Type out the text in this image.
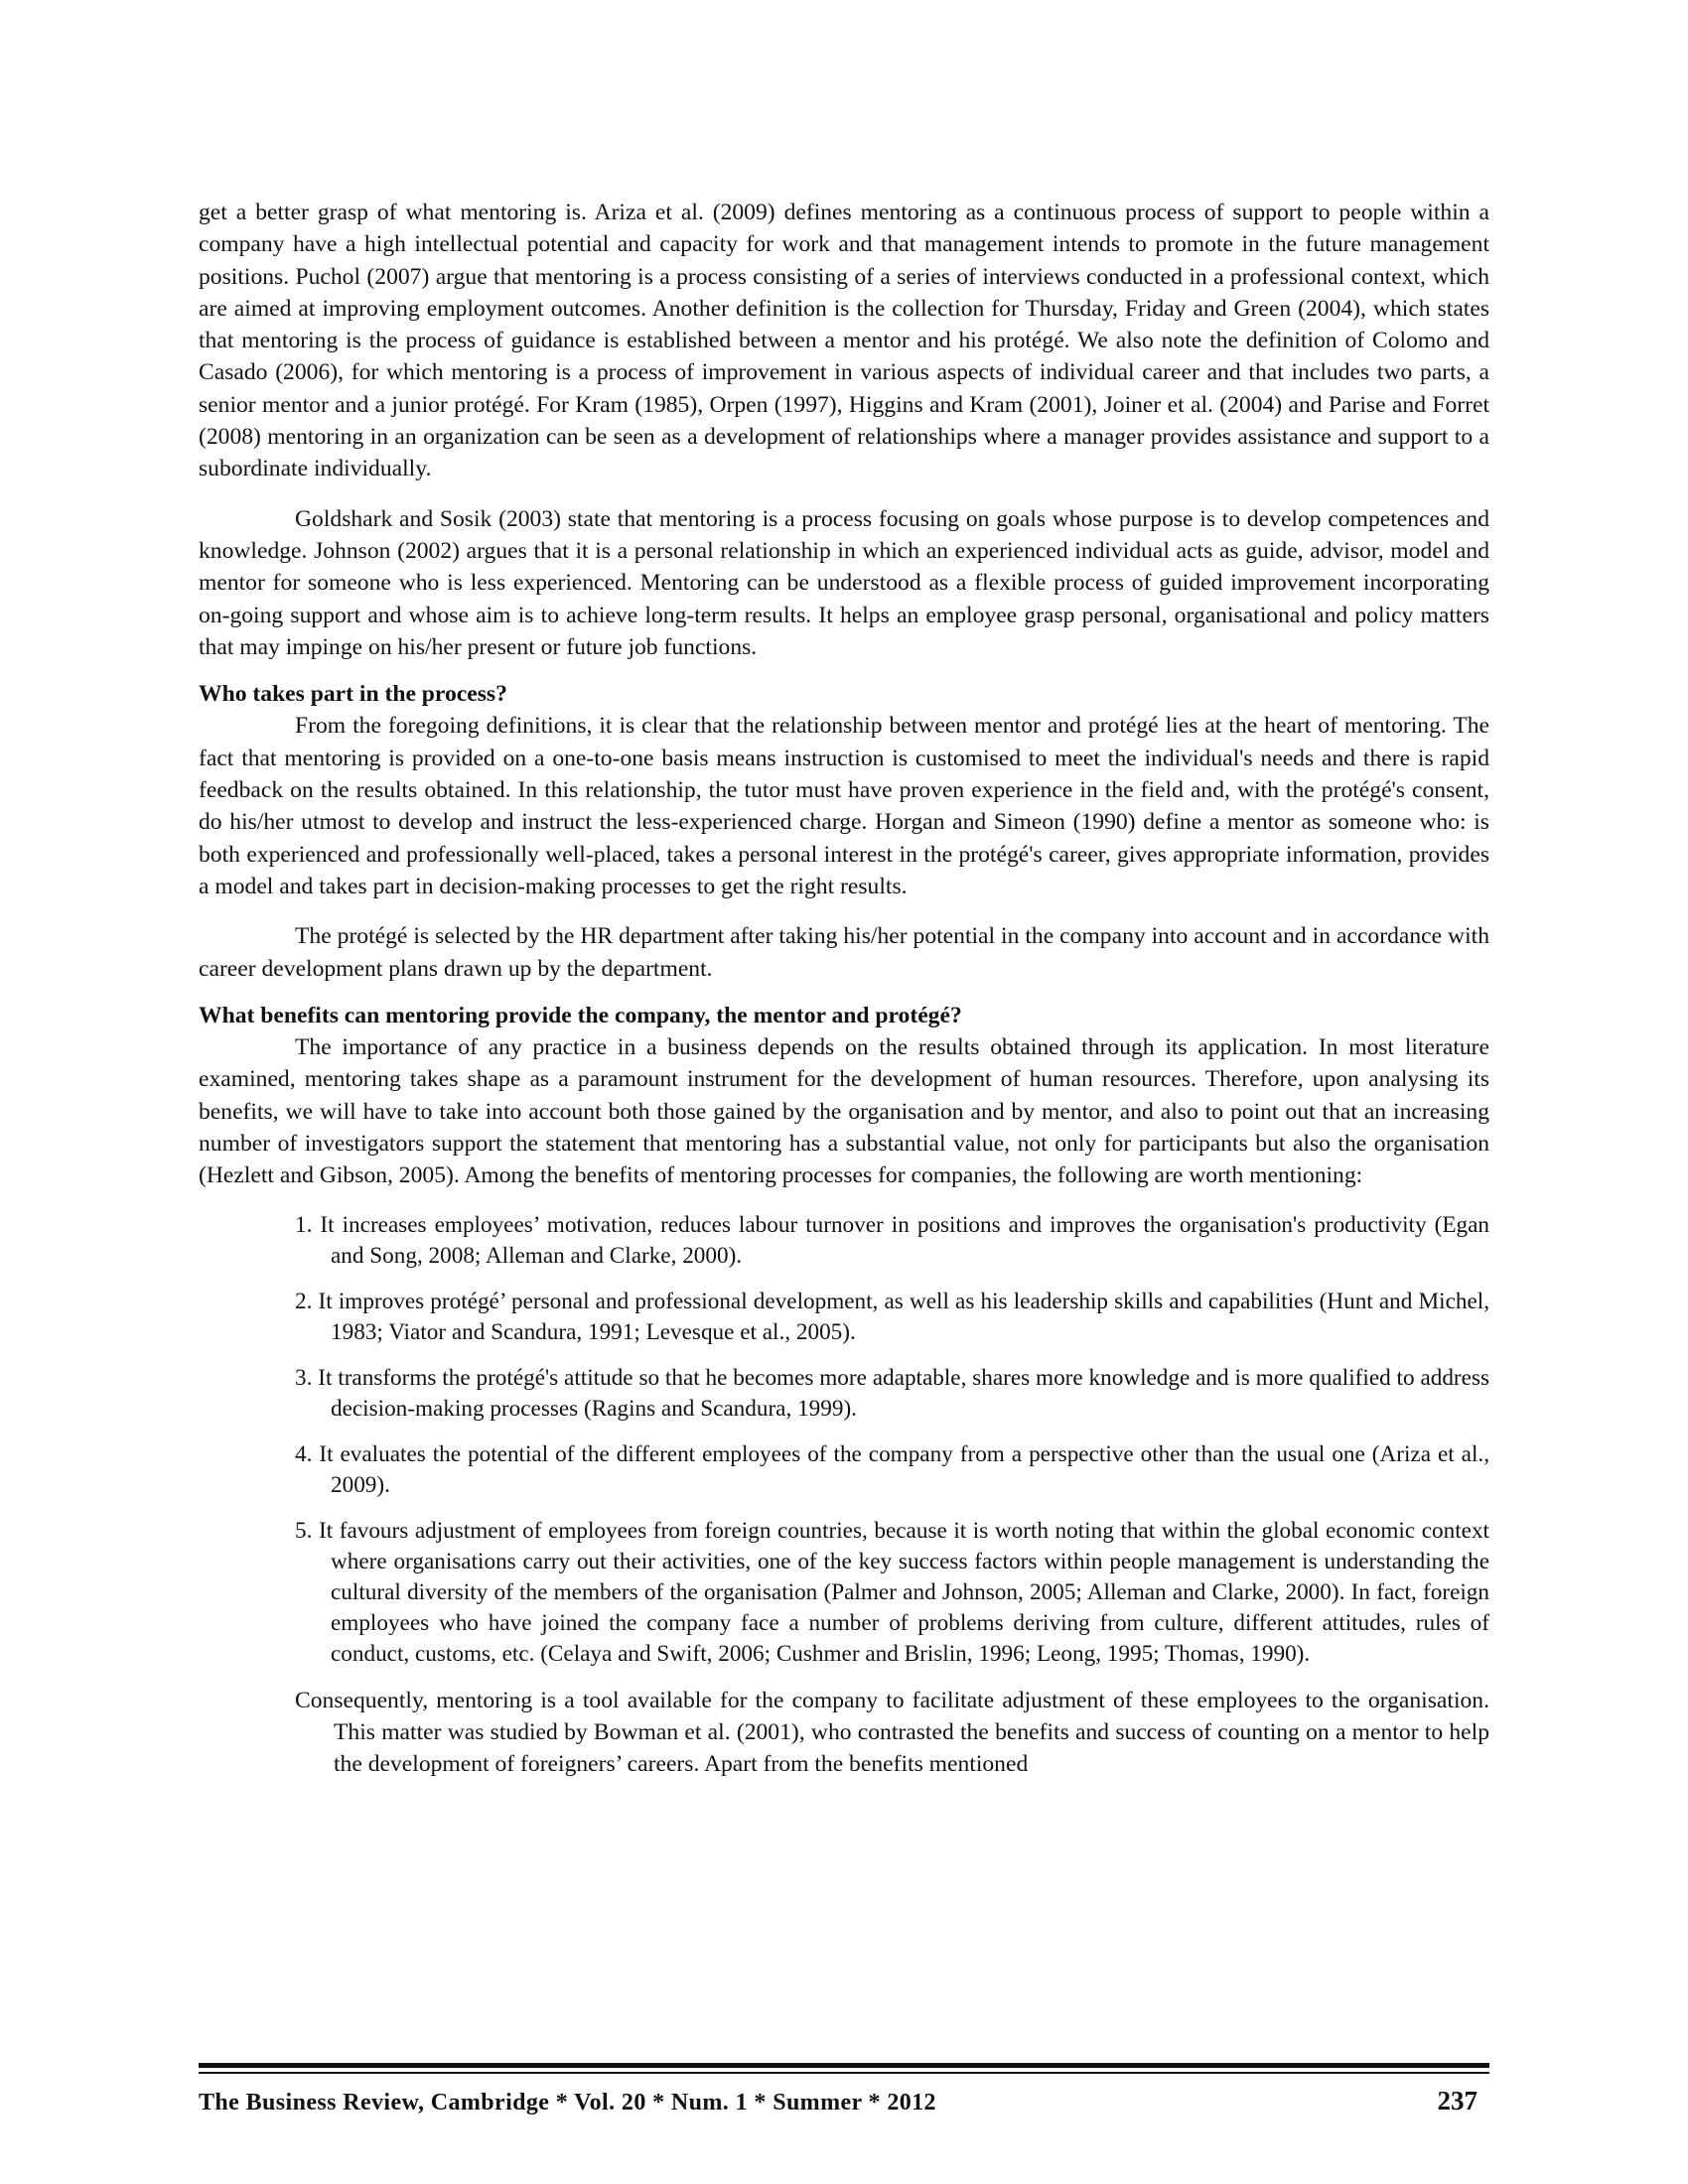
get a better grasp of what mentoring is. Ariza et al. (2009) defines mentoring as a continuous process of support to people within a company have a high intellectual potential and capacity for work and that management intends to promote in the future management positions. Puchol (2007) argue that mentoring is a process consisting of a series of interviews conducted in a professional context, which are aimed at improving employment outcomes. Another definition is the collection for Thursday, Friday and Green (2004), which states that mentoring is the process of guidance is established between a mentor and his protégé. We also note the definition of Colomo and Casado (2006), for which mentoring is a process of improvement in various aspects of individual career and that includes two parts, a senior mentor and a junior protégé. For Kram (1985), Orpen (1997), Higgins and Kram (2001), Joiner et al. (2004) and Parise and Forret (2008) mentoring in an organization can be seen as a development of relationships where a manager provides assistance and support to a subordinate individually.

Goldshark and Sosik (2003) state that mentoring is a process focusing on goals whose purpose is to develop competences and knowledge. Johnson (2002) argues that it is a personal relationship in which an experienced individual acts as guide, advisor, model and mentor for someone who is less experienced. Mentoring can be understood as a flexible process of guided improvement incorporating on-going support and whose aim is to achieve long-term results. It helps an employee grasp personal, organisational and policy matters that may impinge on his/her present or future job functions.

Who takes part in the process?

From the foregoing definitions, it is clear that the relationship between mentor and protégé lies at the heart of mentoring. The fact that mentoring is provided on a one-to-one basis means instruction is customised to meet the individual's needs and there is rapid feedback on the results obtained. In this relationship, the tutor must have proven experience in the field and, with the protégé's consent, do his/her utmost to develop and instruct the less-experienced charge. Horgan and Simeon (1990) define a mentor as someone who: is both experienced and professionally well-placed, takes a personal interest in the protégé's career, gives appropriate information, provides a model and takes part in decision-making processes to get the right results.

The protégé is selected by the HR department after taking his/her potential in the company into account and in accordance with career development plans drawn up by the department.

What benefits can mentoring provide the company, the mentor and protégé?

The importance of any practice in a business depends on the results obtained through its application. In most literature examined, mentoring takes shape as a paramount instrument for the development of human resources. Therefore, upon analysing its benefits, we will have to take into account both those gained by the organisation and by mentor, and also to point out that an increasing number of investigators support the statement that mentoring has a substantial value, not only for participants but also the organisation (Hezlett and Gibson, 2005). Among the benefits of mentoring processes for companies, the following are worth mentioning:

1. It increases employees’ motivation, reduces labour turnover in positions and improves the organisation's productivity (Egan and Song, 2008; Alleman and Clarke, 2000).
2. It improves protégé’ personal and professional development, as well as his leadership skills and capabilities (Hunt and Michel, 1983; Viator and Scandura, 1991; Levesque et al., 2005).
3. It transforms the protégé's attitude so that he becomes more adaptable, shares more knowledge and is more qualified to address decision-making processes (Ragins and Scandura, 1999).
4. It evaluates the potential of the different employees of the company from a perspective other than the usual one (Ariza et al., 2009).
5. It favours adjustment of employees from foreign countries, because it is worth noting that within the global economic context where organisations carry out their activities, one of the key success factors within people management is understanding the cultural diversity of the members of the organisation (Palmer and Johnson, 2005; Alleman and Clarke, 2000). In fact, foreign employees who have joined the company face a number of problems deriving from culture, different attitudes, rules of conduct, customs, etc. (Celaya and Swift, 2006; Cushmer and Brislin, 1996; Leong, 1995; Thomas, 1990).

Consequently, mentoring is a tool available for the company to facilitate adjustment of these employees to the organisation. This matter was studied by Bowman et al. (2001), who contrasted the benefits and success of counting on a mentor to help the development of foreigners’ careers. Apart from the benefits mentioned

The Business Review, Cambridge * Vol. 20 * Num. 1 * Summer * 2012	237
